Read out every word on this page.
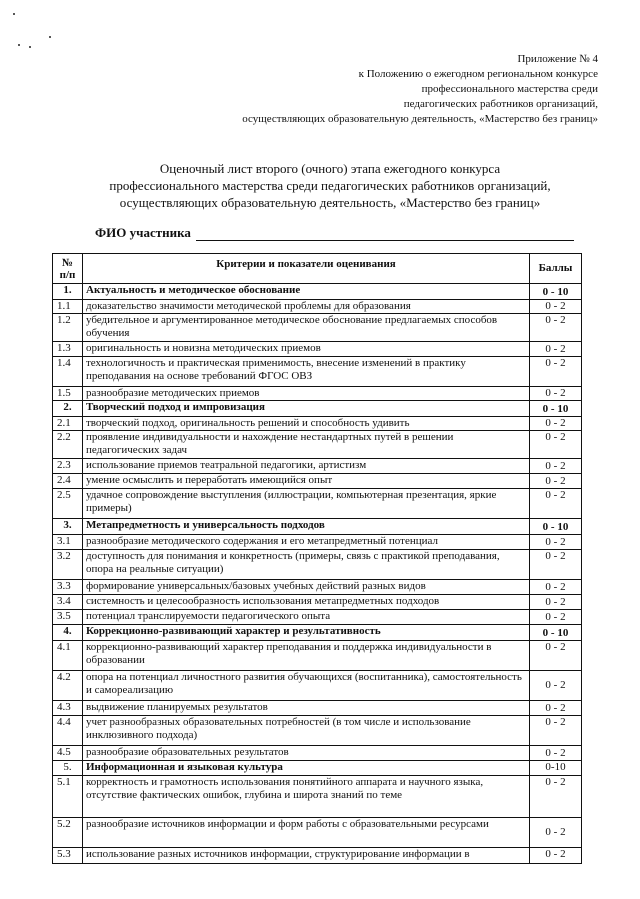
Приложение № 4
к Положению о ежегодном региональном конкурсе
профессионального мастерства среди
педагогических работников организаций,
осуществляющих образовательную деятельность, «Мастерство без границ»
Оценочный лист второго (очного) этапа ежегодного конкурса
профессионального мастерства среди педагогических работников организаций,
осуществляющих образовательную деятельность, «Мастерство без границ»
ФИО участника
№ п/п	Критерии и показатели оценивания	Баллы
1.	Актуальность и методическое обоснование	0 - 10
1.1	доказательство значимости методической проблемы для образования	0 - 2
1.2	убедительное и аргументированное методическое обоснование предлагаемых способов обучения	0 - 2
1.3	оригинальность и новизна методических приемов	0 - 2
1.4	технологичность и практическая применимость, внесение изменений в практику преподавания на основе требований ФГОС ОВЗ	0 - 2
1.5	разнообразие методических приемов	0 - 2
2.	Творческий подход и импровизация	0 - 10
2.1	творческий подход, оригинальность решений и способность удивить	0 - 2
2.2	проявление индивидуальности и нахождение нестандартных путей в решении педагогических задач	0 - 2
2.3	использование приемов театральной педагогики, артистизм	0 - 2
2.4	умение осмыслить и переработать имеющийся опыт	0 - 2
2.5	удачное сопровождение выступления (иллюстрации, компьютерная презентация, яркие примеры)	0 - 2
3.	Метапредметность и универсальность подходов	0 - 10
3.1	разнообразие методического содержания и его метапредметный потенциал	0 - 2
3.2	доступность для понимания и конкретность (примеры, связь с практикой преподавания, опора на реальные ситуации)	0 - 2
3.3	формирование универсальных/базовых учебных действий разных видов	0 - 2
3.4	системность и целесообразность использования метапредметных подходов	0 - 2
3.5	потенциал транслируемости педагогического опыта	0 - 2
4.	Коррекционно-развивающий характер и результативность	0 - 10
4.1	коррекционно-развивающий характер преподавания и поддержка индивидуальности в образовании	0 - 2
4.2	опора на потенциал личностного развития обучающихся (воспитанника), самостоятельность и самореализацию	0 - 2
4.3	выдвижение планируемых результатов	0 - 2
4.4	учет разнообразных образовательных потребностей (в том числе и использование инклюзивного подхода)	0 - 2
4.5	разнообразие образовательных результатов	0 - 2
5.	Информационная и языковая культура	0-10
5.1	корректность и грамотность использования понятийного аппарата и научного языка, отсутствие фактических ошибок, глубина и широта знаний по теме	0 - 2
5.2	разнообразие источников информации и форм работы с образовательными ресурсами	0 - 2
5.3	использование разных источников информации, структурирование информации в	0 - 2
